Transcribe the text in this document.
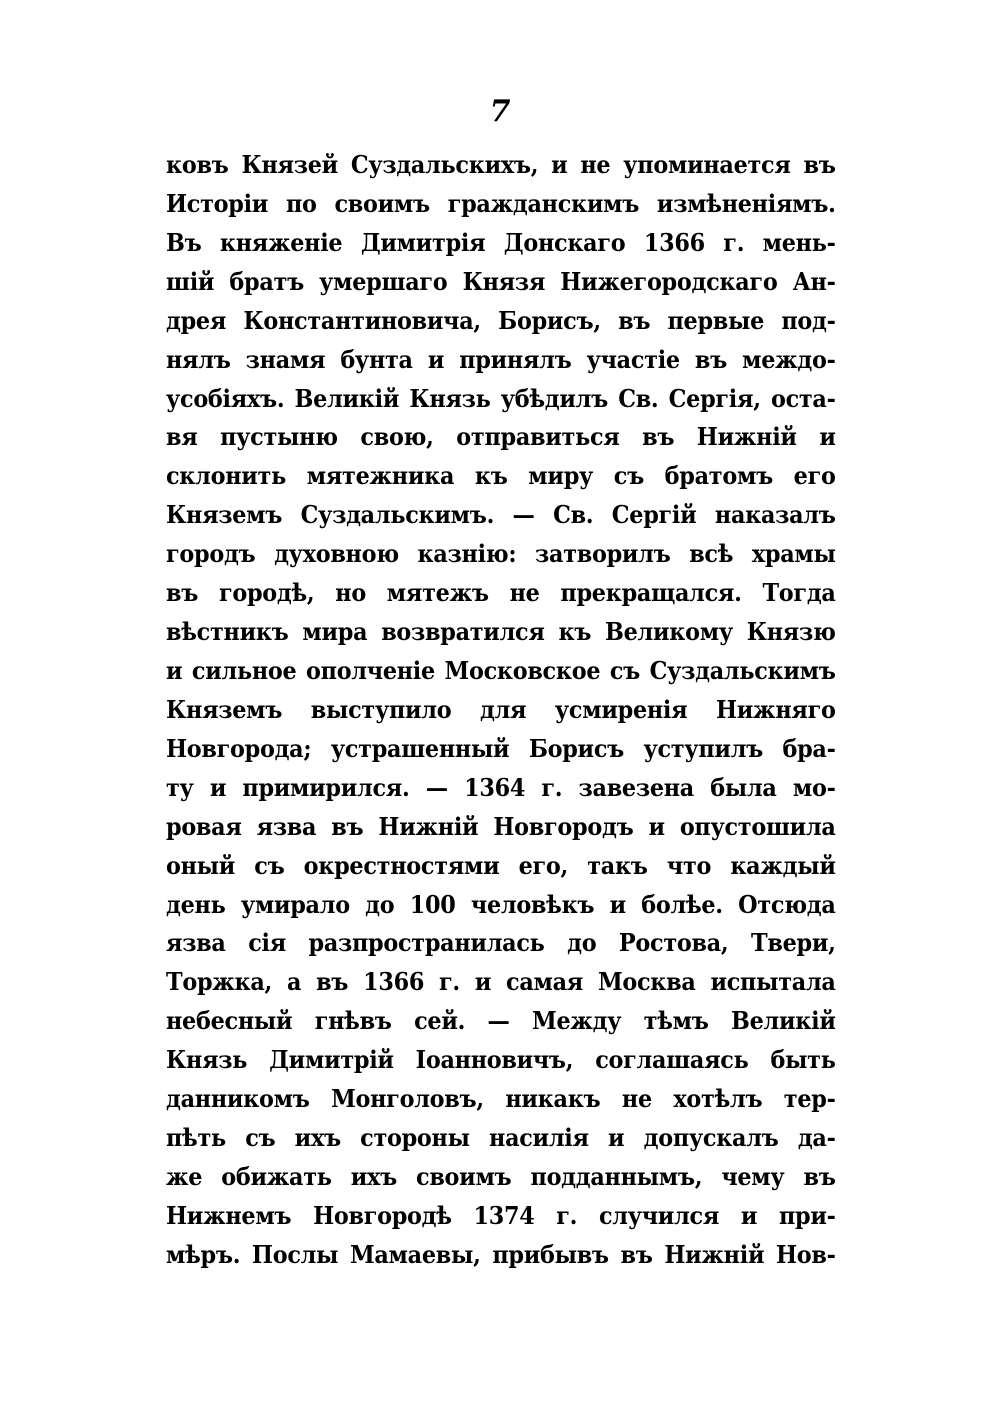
7
ковъ Князей Суздальскихъ, и не упоминается въ
Исторіи по своимъ гражданскимъ измѣненіямъ.
Въ княженіе Димитрія Донскаго 1366 г. мень-
шій братъ умершаго Князя Нижегородскаго Ан-
дрея Константиновича, Борисъ, въ первые под-
нялъ знамя бунта и принялъ участіе въ междо-
усобіяхъ. Великій Князь убѣдилъ Св. Сергія, оста-
вя пустыню свою, отправиться въ Нижній и
склонить мятежника къ миру съ братомъ его
Княземъ Суздальскимъ. — Св. Сергій наказалъ
городъ духовною казнію: затворилъ всѣ храмы
въ городѣ, но мятежъ не прекращался. Тогда
вѣстникъ мира возвратился къ Великому Князю
и сильное ополченіе Московское съ Суздальскимъ
Княземъ выступило для усмиренія Нижняго
Новгорода; устрашенный Борисъ уступилъ бра-
ту и примирился. — 1364 г. завезена была мо-
ровая язва въ Нижній Новгородъ и опустошила
оный съ окрестностями его, такъ что каждый
день умирало до 100 человѣкъ и болѣе. Отсюда
язва сія разпространилась до Ростова, Твери,
Торжка, а въ 1366 г. и самая Москва испытала
небесный гнѣвъ сей. — Между тѣмъ Великій
Князь Димитрій Іоанновичъ, соглашаясь быть
данникомъ Монголовъ, никакъ не хотѣлъ тер-
пѣть съ ихъ стороны насилія и допускалъ да-
же обижать ихъ своимъ подданнымъ, чему въ
Нижнемъ Новгородѣ 1374 г. случился и при-
мѣръ. Послы Мамаевы, прибывъ въ Нижній Нов-
